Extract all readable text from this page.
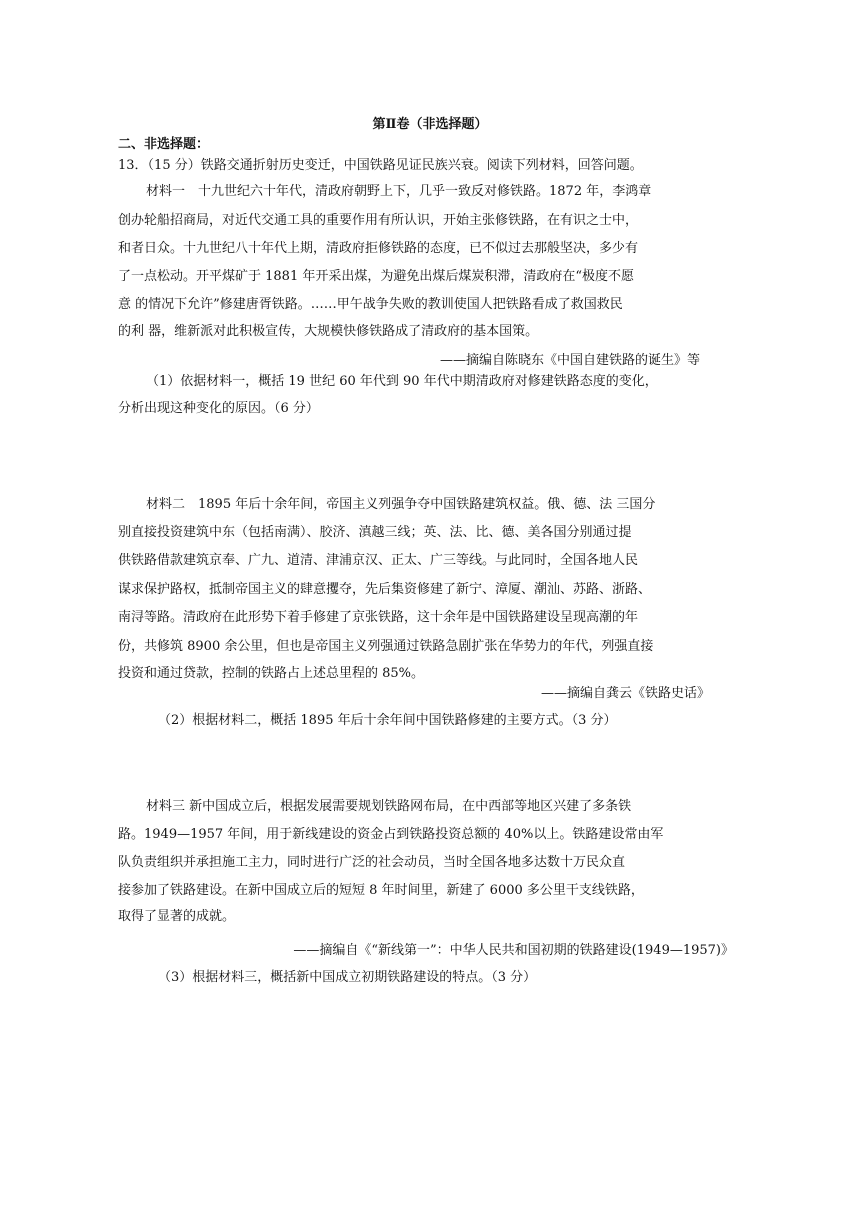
第Ⅱ卷（非选择题）
二、非选择题：
13．（15 分）铁路交通折射历史变迁，中国铁路见证民族兴衰。阅读下列材料，回答问题。
材料一　十九世纪六十年代，清政府朝野上下，几乎一致反对修铁路。1872 年，李鸿章
创办轮船招商局，对近代交通工具的重要作用有所认识，开始主张修铁路，在有识之士中，
和者日众。十九世纪八十年代上期，清政府拒修铁路的态度，已不似过去那般坚决，多少有
了一点松动。开平煤矿于 1881 年开采出煤，为避免出煤后煤炭积滞，清政府在“极度不愿
意 的情况下允许”修建唐胥铁路。……甲午战争失败的教训使国人把铁路看成了救国救民
的利 器，维新派对此积极宣传，大规模快修铁路成了清政府的基本国策。
——摘编自陈晓东《中国自建铁路的诞生》等
（1）依据材料一，概括 19 世纪 60 年代到 90 年代中期清政府对修建铁路态度的变化，
分析出现这种变化的原因。（6 分）
材料二　1895 年后十余年间，帝国主义列强争夺中国铁路建筑权益。俄、德、法 三国分
别直接投资建筑中东（包括南满）、胶济、滇越三线；英、法、比、德、美各国分别通过提
供铁路借款建筑京奉、广九、道清、津浦京汉、正太、广三等线。与此同时，全国各地人民
谋求保护路权，抵制帝国主义的肆意攫夺，先后集资修建了新宁、漳厦、潮汕、苏路、浙路、
南浔等路。清政府在此形势下着手修建了京张铁路，这十余年是中国铁路建设呈现高潮的年
份，共修筑 8900 余公里，但也是帝国主义列强通过铁路急剧扩张在华势力的年代，列强直接
投资和通过贷款，控制的铁路占上述总里程的 85%。
——摘编自龚云《铁路史话》
（2）根据材料二，概括 1895 年后十余年间中国铁路修建的主要方式。（3 分）
材料三 新中国成立后，根据发展需要规划铁路网布局，在中西部等地区兴建了多条铁
路。1949—1957 年间，用于新线建设的资金占到铁路投资总额的 40%以上。铁路建设常由军
队负责组织并承担施工主力，同时进行广泛的社会动员，当时全国各地多达数十万民众直
接参加了铁路建设。在新中国成立后的短短 8 年时间里，新建了 6000 多公里干支线铁路，
取得了显著的成就。
——摘编自《“新线第一”：中华人民共和国初期的铁路建设(1949—1957)》
（3）根据材料三，概括新中国成立初期铁路建设的特点。（3 分）
